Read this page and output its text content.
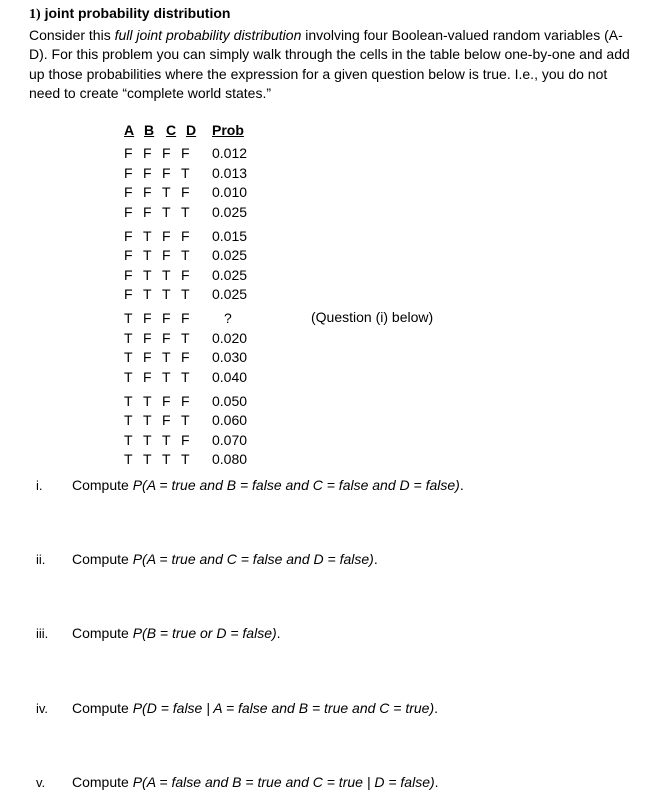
1) joint probability distribution
Consider this full joint probability distribution involving four Boolean-valued random variables (A-D). For this problem you can simply walk through the cells in the table below one-by-one and add up those probabilities where the expression for a given question below is true. I.e., you do not need to create “complete world states.”
A B C D Prob
F F F F 0.012
F F F T 0.013
F F T F 0.010
F F T T 0.025
F T F F 0.015
F T F T 0.025
F T T F 0.025
F T T T 0.025
T F F F ?
T F F T 0.020
T F T F 0.030
T F T T 0.040
T T F F 0.050
T T F T 0.060
T T T F 0.070
T T T T 0.080
(Question (i) below)
i. Compute P(A = true and B = false and C = false and D = false).
ii. Compute P(A = true and C = false and D = false).
iii. Compute P(B = true or D = false).
iv. Compute P(D = false | A = false and B = true and C = true).
v. Compute P(A = false and B = true and C = true | D = false).
